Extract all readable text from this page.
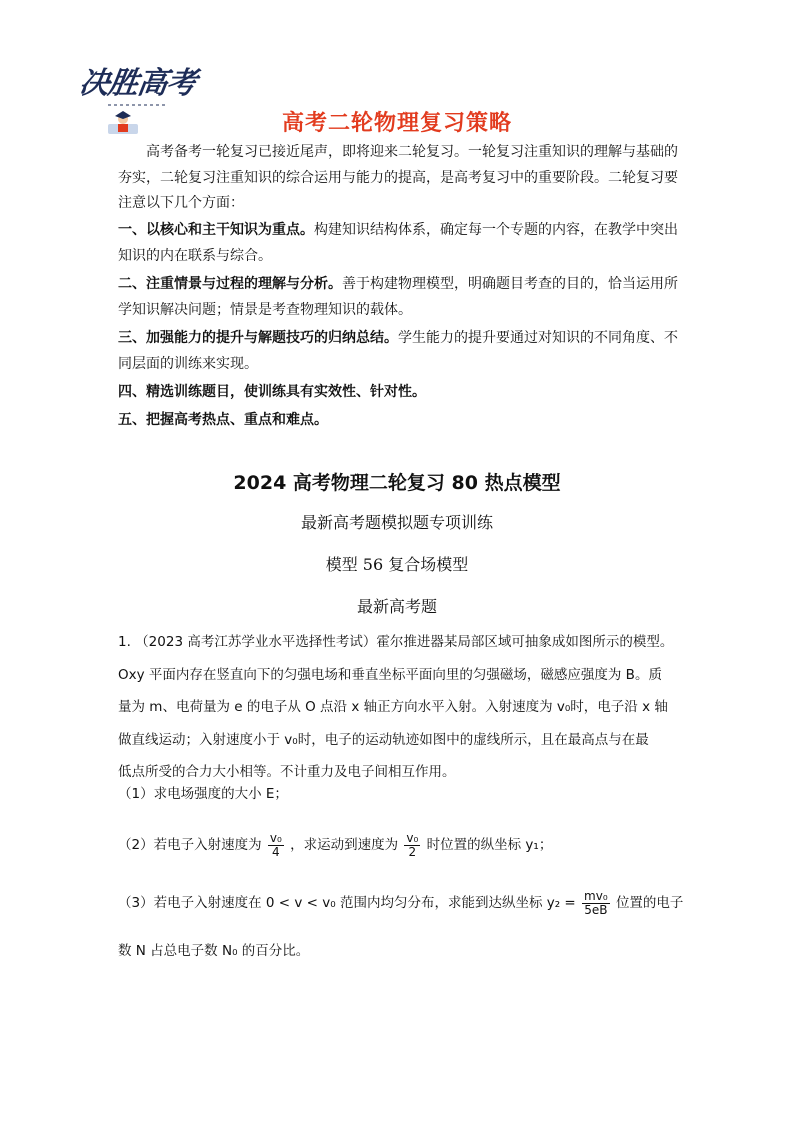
决胜高考
高考二轮物理复习策略
高考备考一轮复习已接近尾声，即将迎来二轮复习。一轮复习注重知识的理解与基础的夯实，二轮复习注重知识的综合运用与能力的提高，是高考复习中的重要阶段。二轮复习要注意以下几个方面：
一、以核心和主干知识为重点。构建知识结构体系，确定每一个专题的内容，在教学中突出知识的内在联系与综合。
二、注重情景与过程的理解与分析。善于构建物理模型，明确题目考查的目的，恰当运用所学知识解决问题；情景是考查物理知识的载体。
三、加强能力的提升与解题技巧的归纳总结。学生能力的提升要通过对知识的不同角度、不同层面的训练来实现。
四、精选训练题目，使训练具有实效性、针对性。
五、把握高考热点、重点和难点。
2024 高考物理二轮复习 80 热点模型
最新高考题模拟题专项训练
模型 56 复合场模型
最新高考题
1. （2023 高考江苏学业水平选择性考试）霍尔推进器某局部区域可抽象成如图所示的模型。
Oxy 平面内存在竖直向下的匀强电场和垂直坐标平面向里的匀强磁场，磁感应强度为 B。质
量为 m、电荷量为 e 的电子从 O 点沿 x 轴正方向水平入射。入射速度为 v₀时，电子沿 x 轴
做直线运动；入射速度小于 v₀时，电子的运动轨迹如图中的虚线所示，且在最高点与在最
低点所受的合力大小相等。不计重力及电子间相互作用。
（1）求电场强度的大小 E；
（2）若电子入射速度为 $\frac{\text{v₀}}{4}$ ，求运动到速度为 $\frac{\text{v₀}}{2}$ 时位置的纵坐标 y₁；
（3）若电子入射速度在 0 < v < v₀ 范围内均匀分布，求能到达纵坐标 $y_2 = \frac{\text{mv₀}}{5eB}$ 位置的电子
数 N 占总电子数 N₀ 的百分比。
